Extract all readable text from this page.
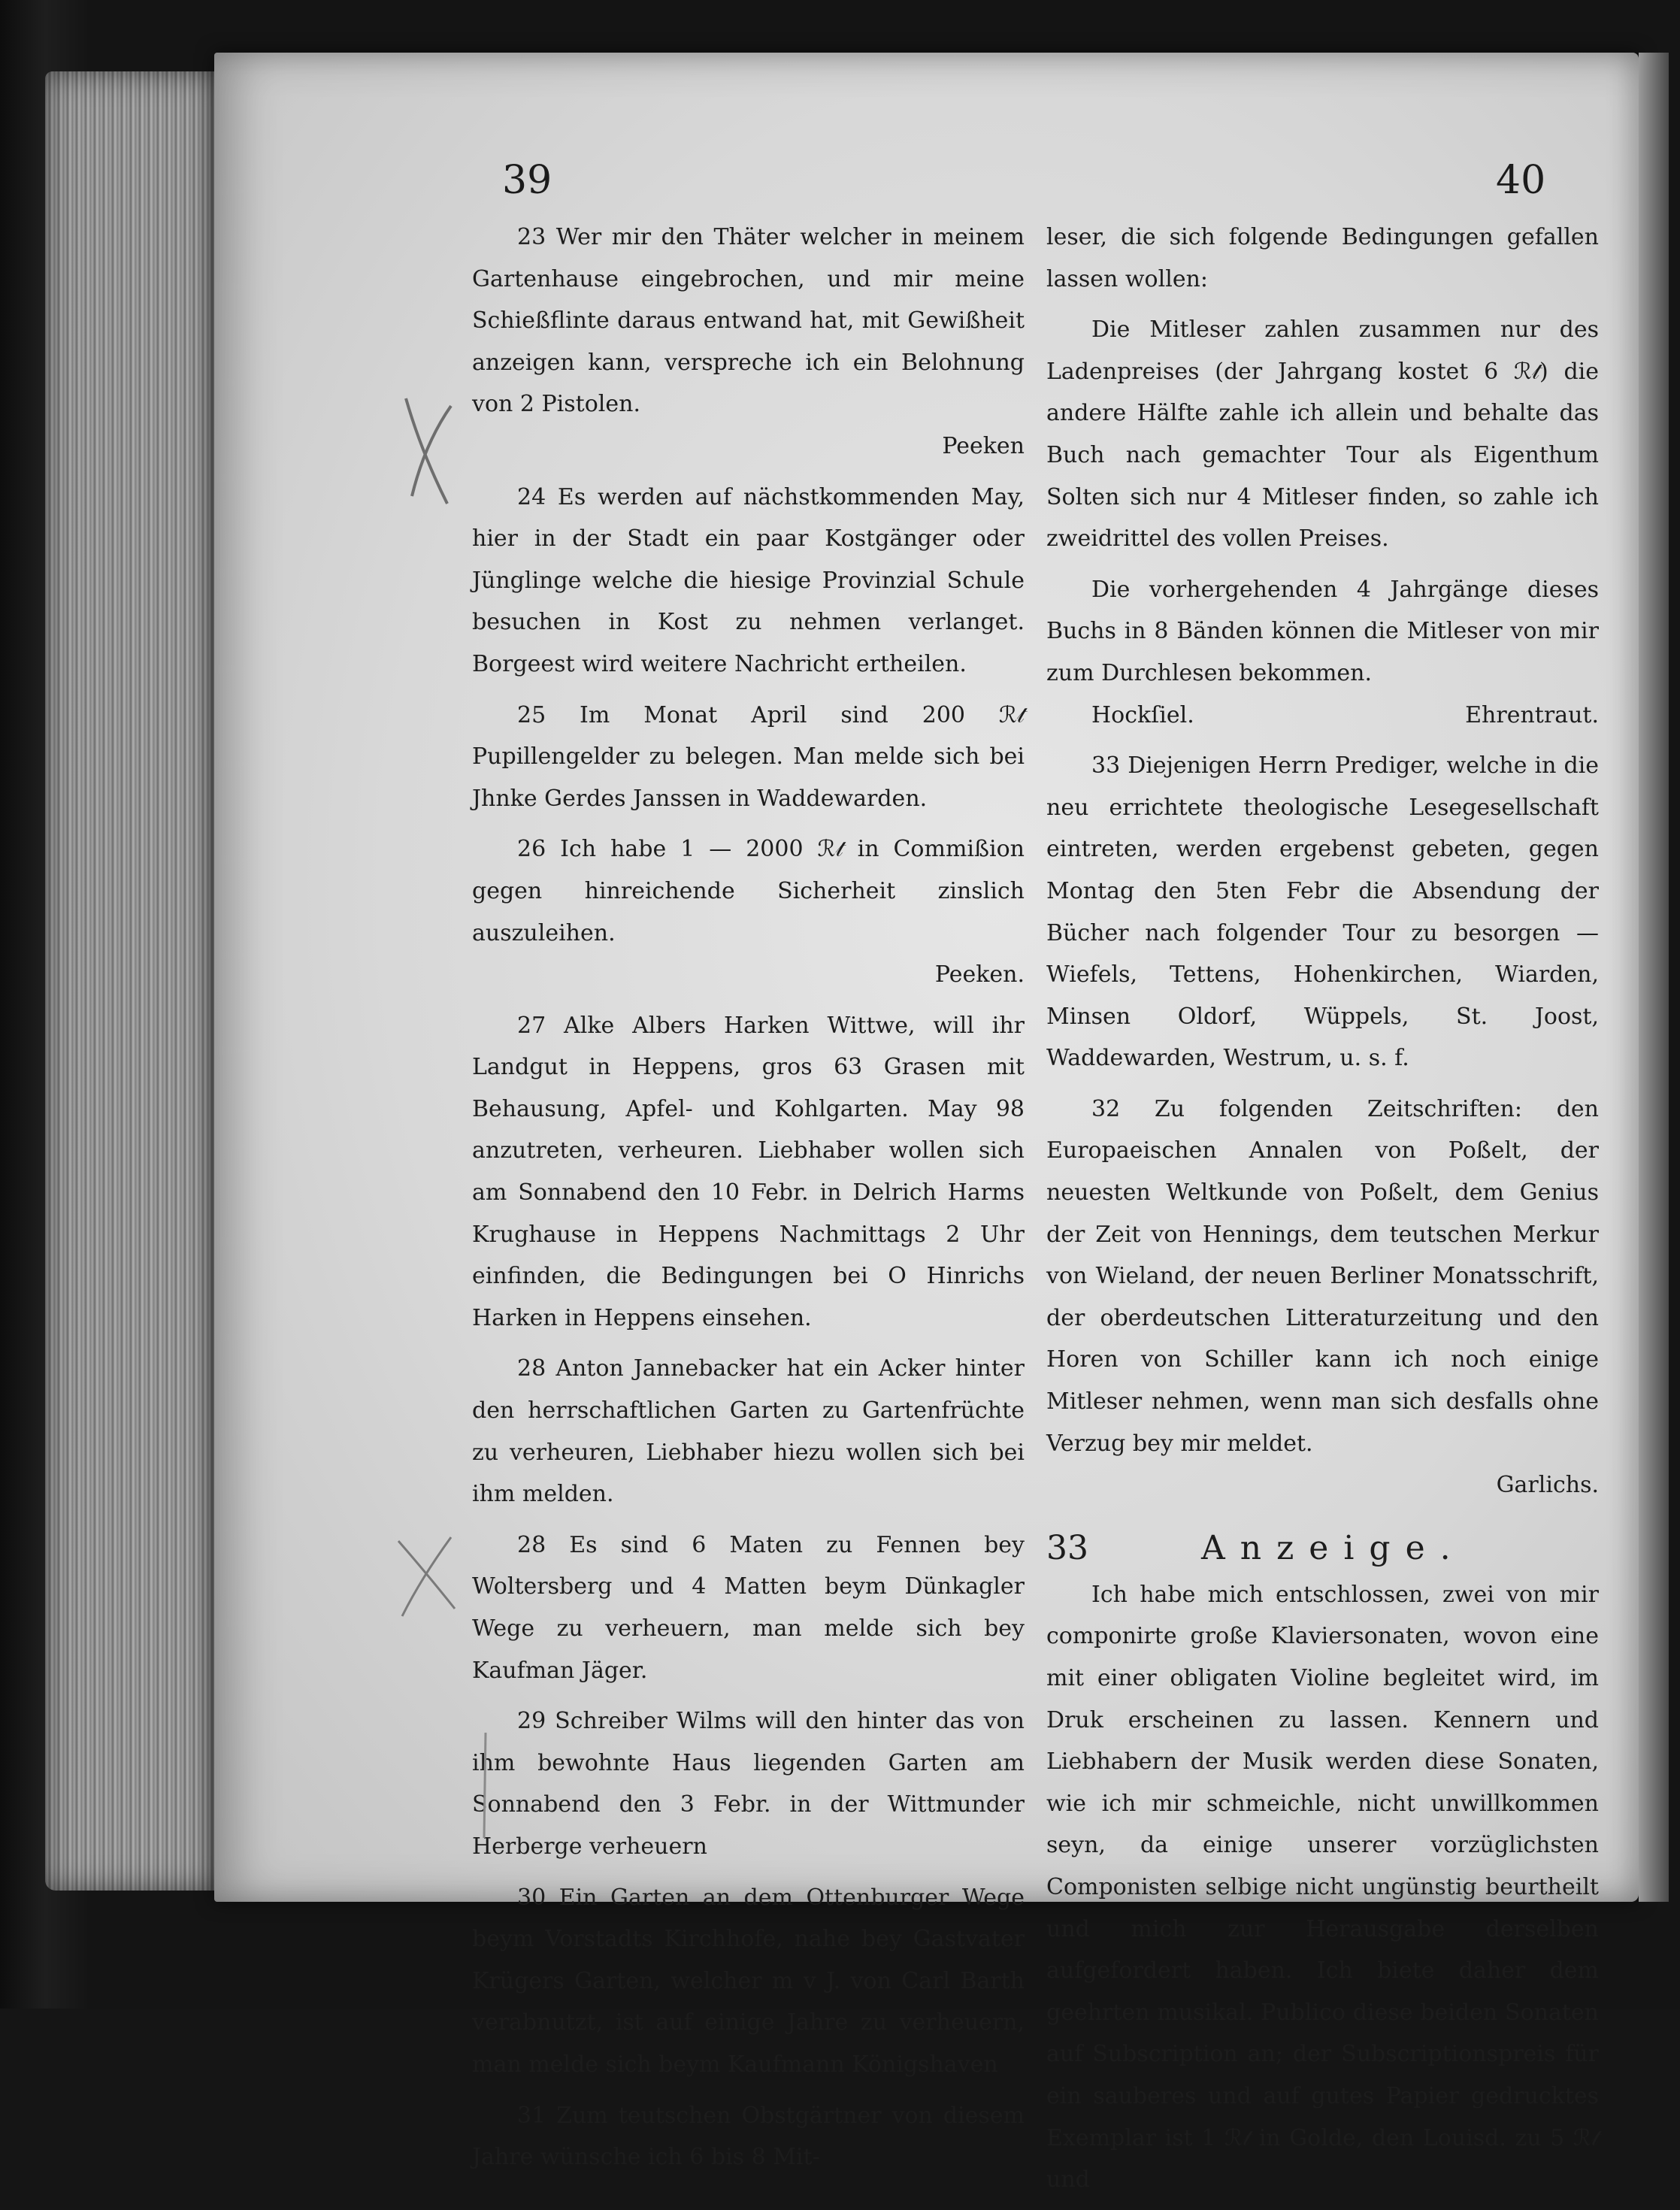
39	40

23 Wer mir den Thäter welcher in meinem Gartenhause eingebrochen, und mir meine Schießflinte daraus entwand hat, mit Gewißheit anzeigen kann, verspreche ich ein Belohnung von 2 Pistolen.
Peeken

24 Es werden auf nächstkommenden May, hier in der Stadt ein paar Kostgänger oder Jünglinge welche die hiesige Provinzial Schule besuchen in Kost zu nehmen verlanget. Borgeest wird weitere Nachricht ertheilen.

25 Im Monat April sind 200 ℛ𝓉 Pupillengelder zu belegen. Man melde sich bei Jhnke Gerdes Janssen in Waddewarden.

26 Ich habe 1 — 2000 ℛ𝓉 in Commißion gegen hinreichende Sicherheit zinslich auszuleihen.
Peeken.

27 Alke Albers Harken Wittwe, will ihr Landgut in Heppens, gros 63 Grasen mit Behausung, Apfel- und Kohlgarten. May 98 anzutreten, verheuren. Liebhaber wollen sich am Sonnabend den 10 Febr. in Delrich Harms Krughause in Heppens Nachmittags 2 Uhr einfinden, die Bedingungen bei O Hinrichs Harken in Heppens einsehen.

28 Anton Jannebacker hat ein Acker hinter den herrschaftlichen Garten zu Gartenfrüchte zu verheuren, Liebhaber hiezu wollen sich bei ihm melden.

28 Es sind 6 Maten zu Fennen bey Woltersberg und 4 Matten beym Dünkagler Wege zu verheuern, man melde sich bey Kaufman Jäger.

29 Schreiber Wilms will den hinter das von ihm bewohnte Haus liegenden Garten am Sonnabend den 3 Febr. in der Wittmunder Herberge verheuern

30 Ein Garten an dem Ottenburger Wege beym Vorstadts Kirchhofe, nahe bey Gastvater Krügers Garten, welcher m v J. von Carl Barth verabnutzt, ist auf einige Jahre zu verheuern, man melde sich beym Kaufmann Königshaven

31 Zum teutschen Obstgärtner von diesem Jahre wünsche ich 6 bis 8 Mit-

leser, die sich folgende Bedingungen gefallen lassen wollen:

Die Mitleser zahlen zusammen nur des Ladenpreises (der Jahrgang kostet 6 ℛ𝓉) die andere Hälfte zahle ich allein und behalte das Buch nach gemachter Tour als Eigenthum Solten sich nur 4 Mitleser finden, so zahle ich zweidrittel des vollen Preises.

Die vorhergehenden 4 Jahrgänge dieses Buchs in 8 Bänden können die Mitleser von mir zum Durchlesen bekommen.

Hockſiel.	Ehrentraut.

33 Diejenigen Herrn Prediger, welche in die neu errichtete theologische Lesegesellschaft eintreten, werden ergebenst gebeten, gegen Montag den 5ten Febr die Absendung der Bücher nach folgender Tour zu besorgen — Wiefels, Tettens, Hohenkirchen, Wiarden, Minsen Oldorf, Wüppels, St. Joost, Waddewarden, Westrum, u. s. f.

32 Zu folgenden Zeitschriften: den Europaeischen Annalen von Poßelt, der neuesten Weltkunde von Poßelt, dem Genius der Zeit von Hennings, dem teutschen Merkur von Wieland, der neuen Berliner Monatsschrift, der oberdeutschen Litteraturzeitung und den Horen von Schiller kann ich noch einige Mitleser nehmen, wenn man sich desfalls ohne Verzug bey mir meldet.
Garlichs.

33	Anzeige.

Ich habe mich entschlossen, zwei von mir componirte große Klaviersonaten, wovon eine mit einer obligaten Violine begleitet wird, im Druk erscheinen zu lassen. Kennern und Liebhabern der Musik werden diese Sonaten, wie ich mir schmeichle, nicht unwillkommen seyn, da einige unserer vorzüglichsten Componisten selbige nicht ungünstig beurtheilt und mich zur Herausgabe derselben aufgefordert haben. Ich biete daher dem geehrten musikal. Publico diese beiden Sonaten auf Subscription an; der Subscriptionspreis für ein sauberes und auf gutes Papier gedrucktes Exemplar ist 1 ℛ𝓉 in Golde, den Louisd. zu 5 ℛ𝓉 und
